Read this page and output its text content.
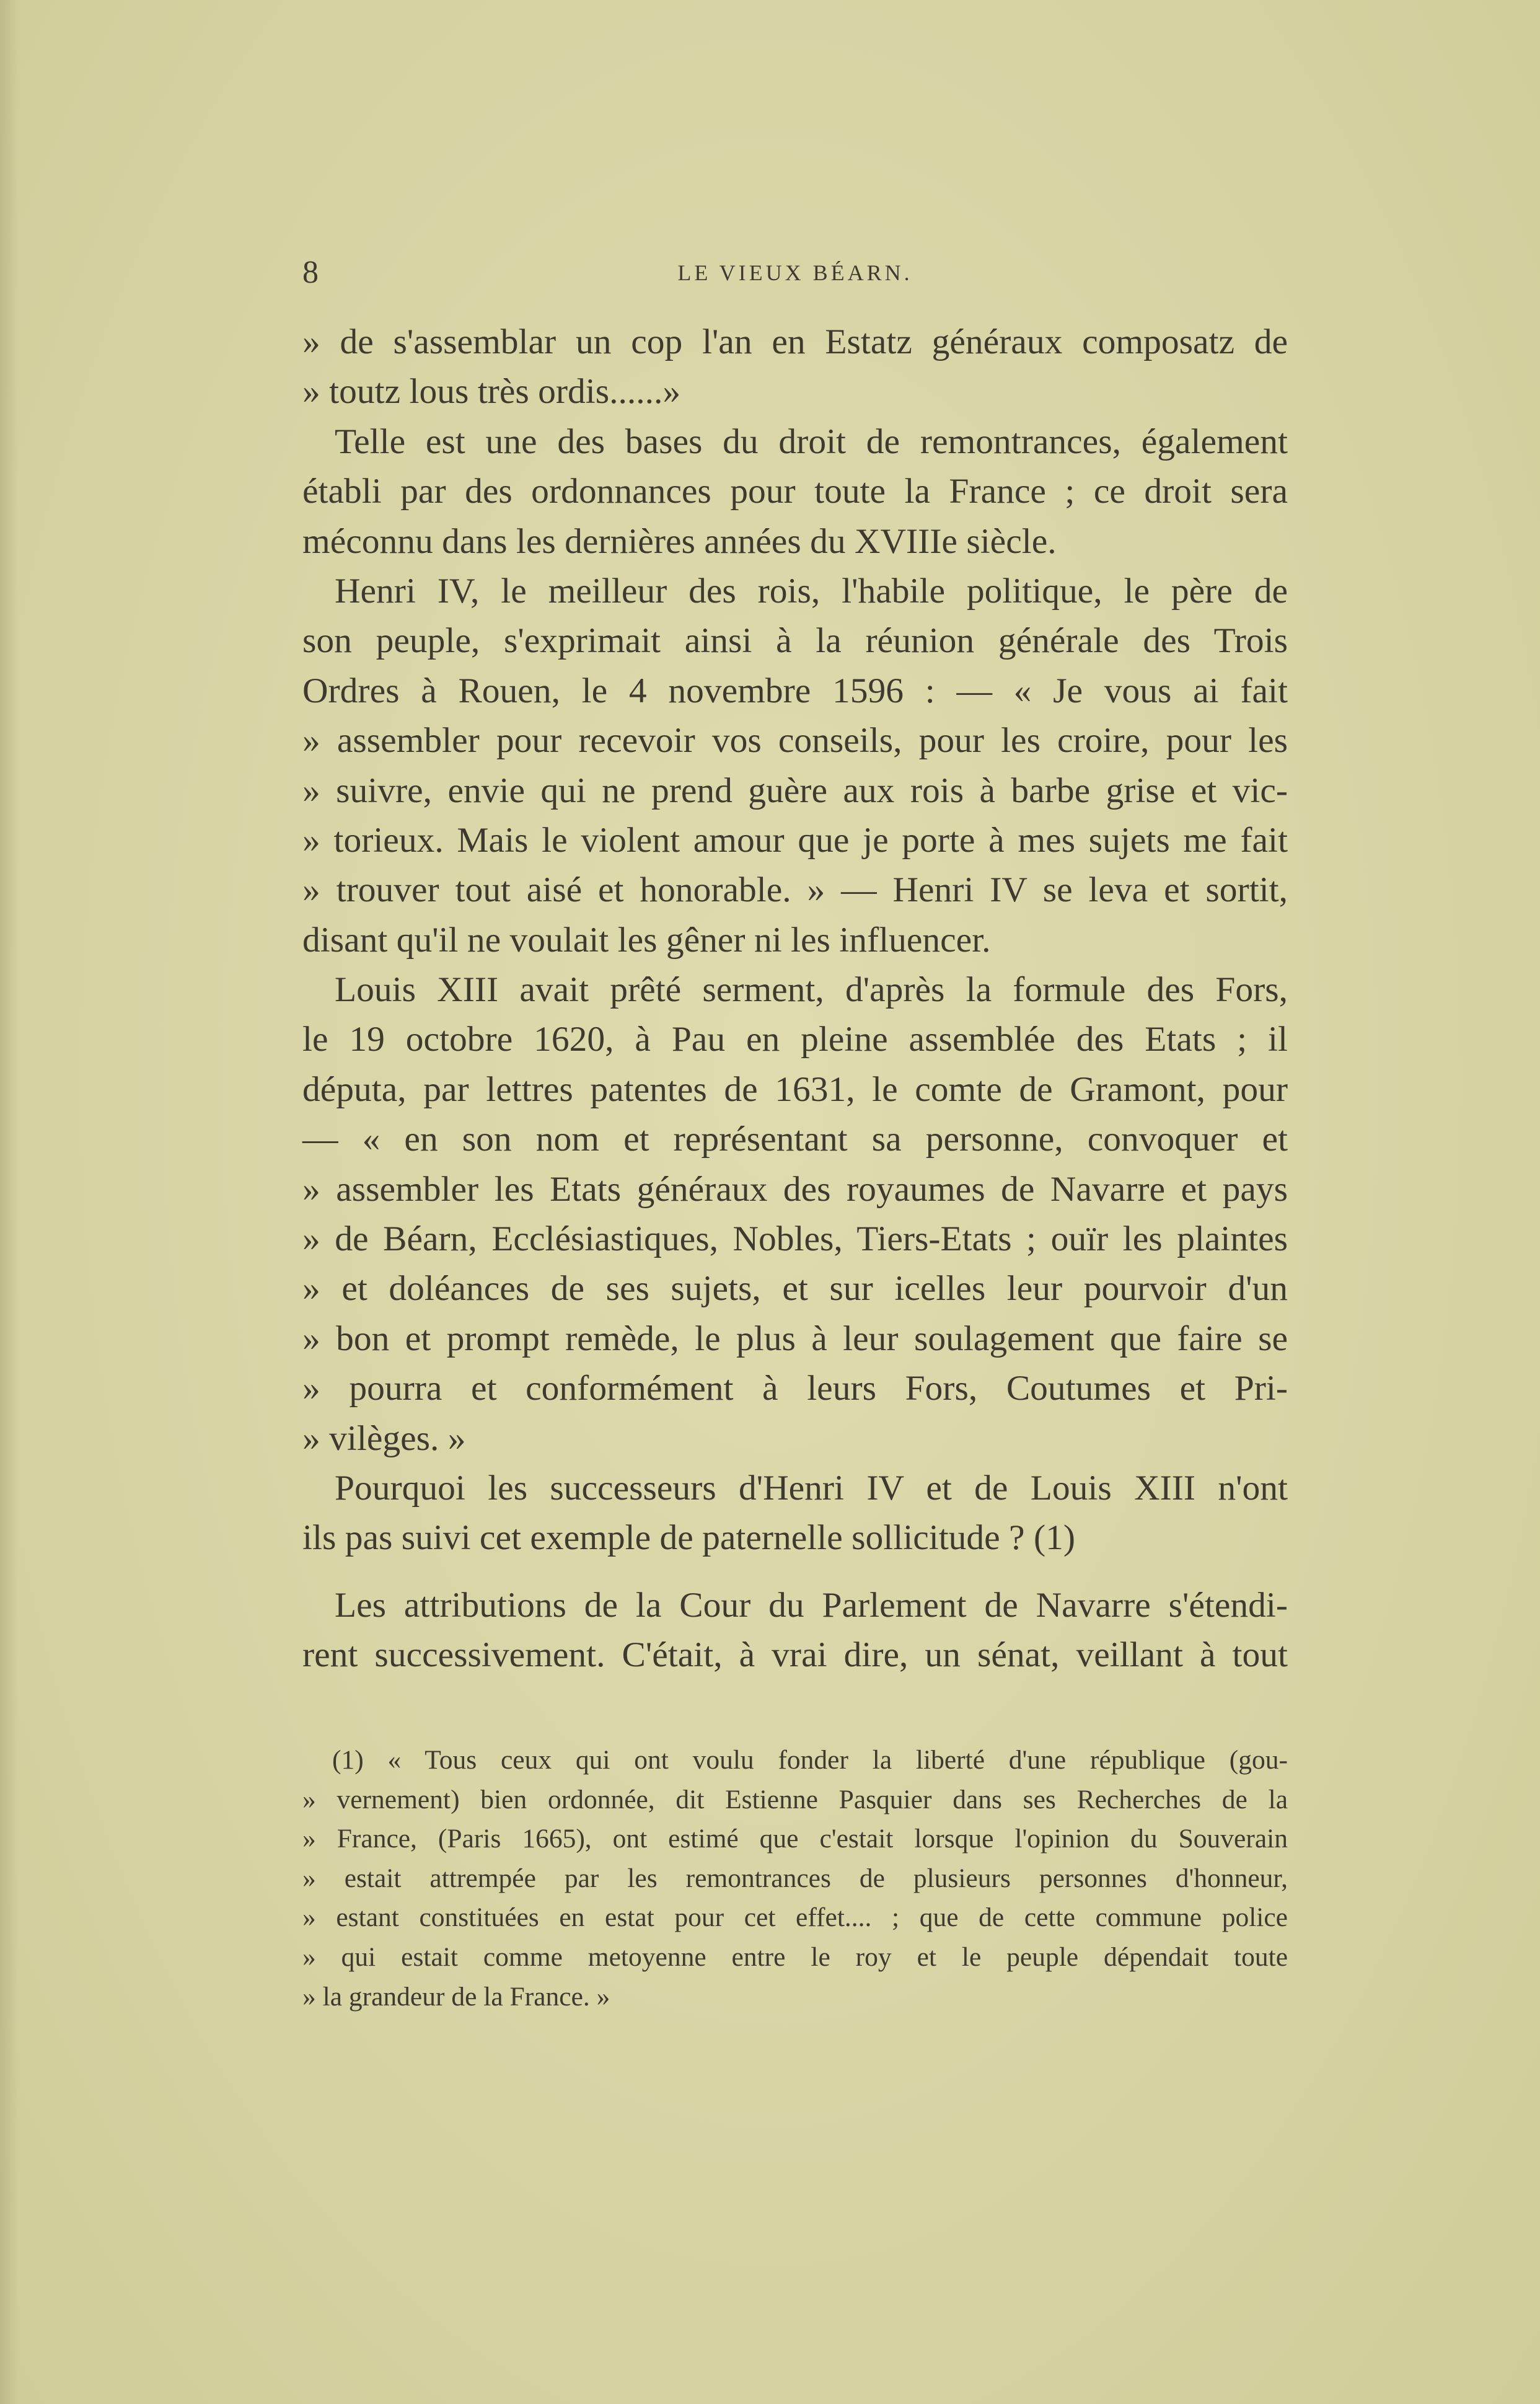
8	LE VIEUX BÉARN.
» de s'assemblar un cop l'an en Estatz généraux composatz de
» toutz lous très ordis......»
Telle est une des bases du droit de remontrances, également
établi par des ordonnances pour toute la France ; ce droit sera
méconnu dans les dernières années du XVIIIe siècle.
Henri IV, le meilleur des rois, l'habile politique, le père de
son peuple, s'exprimait ainsi à la réunion générale des Trois
Ordres à Rouen, le 4 novembre 1596 : — « Je vous ai fait
» assembler pour recevoir vos conseils, pour les croire, pour les
» suivre, envie qui ne prend guère aux rois à barbe grise et vic-
» torieux. Mais le violent amour que je porte à mes sujets me fait
» trouver tout aisé et honorable. » — Henri IV se leva et sortit,
disant qu'il ne voulait les gêner ni les influencer.
Louis XIII avait prêté serment, d'après la formule des Fors,
le 19 octobre 1620, à Pau en pleine assemblée des Etats ; il
députa, par lettres patentes de 1631, le comte de Gramont, pour
— « en son nom et représentant sa personne, convoquer et
» assembler les Etats généraux des royaumes de Navarre et pays
» de Béarn, Ecclésiastiques, Nobles, Tiers-Etats ; ouïr les plaintes
» et doléances de ses sujets, et sur icelles leur pourvoir d'un
» bon et prompt remède, le plus à leur soulagement que faire se
» pourra et conformément à leurs Fors, Coutumes et Pri-
» vilèges. »
Pourquoi les successeurs d'Henri IV et de Louis XIII n'ont
ils pas suivi cet exemple de paternelle sollicitude ? (1)
Les attributions de la Cour du Parlement de Navarre s'étendi-
rent successivement. C'était, à vrai dire, un sénat, veillant à tout
(1) « Tous ceux qui ont voulu fonder la liberté d'une république (gou-
» vernement) bien ordonnée, dit Estienne Pasquier dans ses Recherches de la
» France, (Paris 1665), ont estimé que c'estait lorsque l'opinion du Souverain
» estait attrempée par les remontrances de plusieurs personnes d'honneur,
» estant constituées en estat pour cet effet.... ; que de cette commune police
» qui estait comme metoyenne entre le roy et le peuple dépendait toute
» la grandeur de la France. »
